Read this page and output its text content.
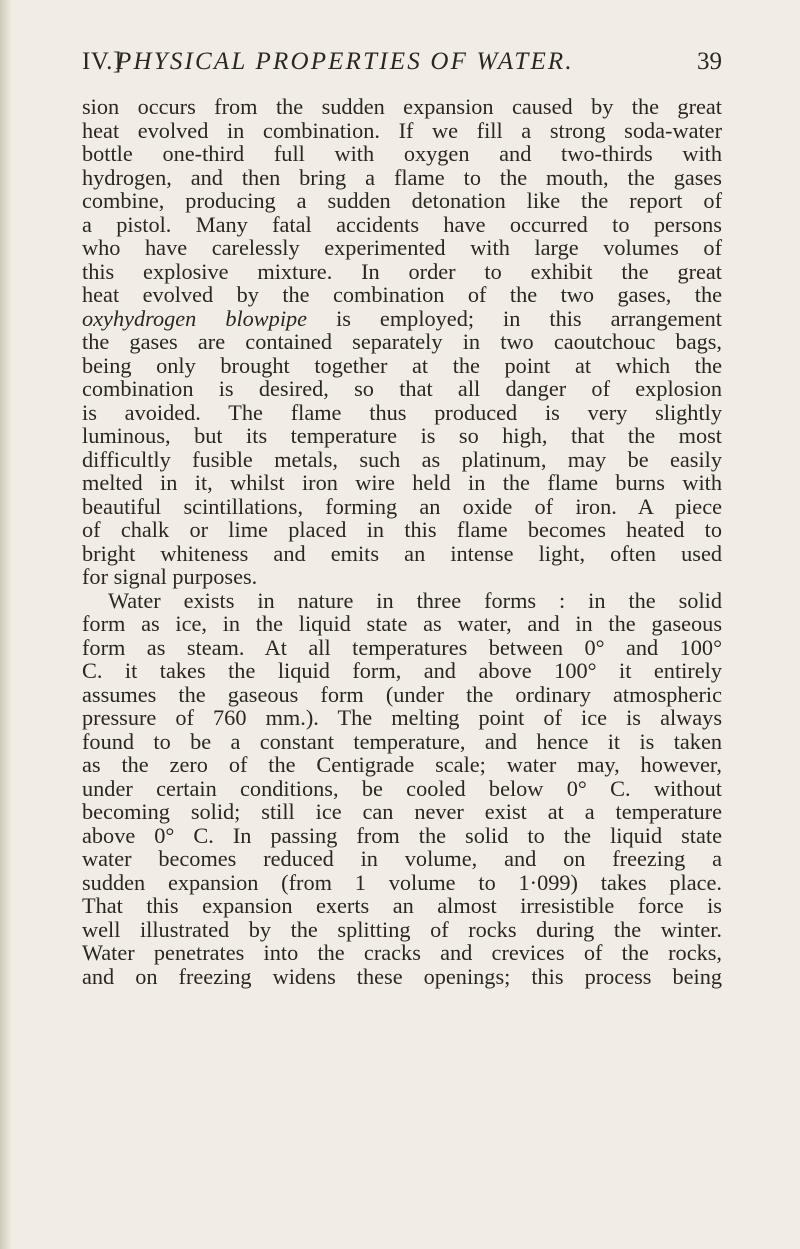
IV.]
PHYSICAL PROPERTIES OF WATER.	39
sion occurs from the sudden expansion caused by the great
heat evolved in combination. If we fill a strong soda-water
bottle one-third full with oxygen and two-thirds with
hydrogen, and then bring a flame to the mouth, the gases
combine, producing a sudden detonation like the report of
a pistol. Many fatal accidents have occurred to persons
who have carelessly experimented with large volumes of
this explosive mixture. In order to exhibit the great
heat evolved by the combination of the two gases, the
oxyhydrogen blowpipe is employed; in this arrangement
the gases are contained separately in two caoutchouc bags,
being only brought together at the point at which the
combination is desired, so that all danger of explosion
is avoided. The flame thus produced is very slightly
luminous, but its temperature is so high, that the most
difficultly fusible metals, such as platinum, may be easily
melted in it, whilst iron wire held in the flame burns with
beautiful scintillations, forming an oxide of iron. A piece
of chalk or lime placed in this flame becomes heated to
bright whiteness and emits an intense light, often used
for signal purposes.
Water exists in nature in three forms : in the solid
form as ice, in the liquid state as water, and in the gaseous
form as steam. At all temperatures between 0° and 100°
C. it takes the liquid form, and above 100° it entirely
assumes the gaseous form (under the ordinary atmospheric
pressure of 760 mm.). The melting point of ice is always
found to be a constant temperature, and hence it is taken
as the zero of the Centigrade scale; water may, however,
under certain conditions, be cooled below 0° C. without
becoming solid; still ice can never exist at a temperature
above 0° C. In passing from the solid to the liquid state
water becomes reduced in volume, and on freezing a
sudden expansion (from 1 volume to 1·099) takes place.
That this expansion exerts an almost irresistible force is
well illustrated by the splitting of rocks during the winter.
Water penetrates into the cracks and crevices of the rocks,
and on freezing widens these openings; this process being
